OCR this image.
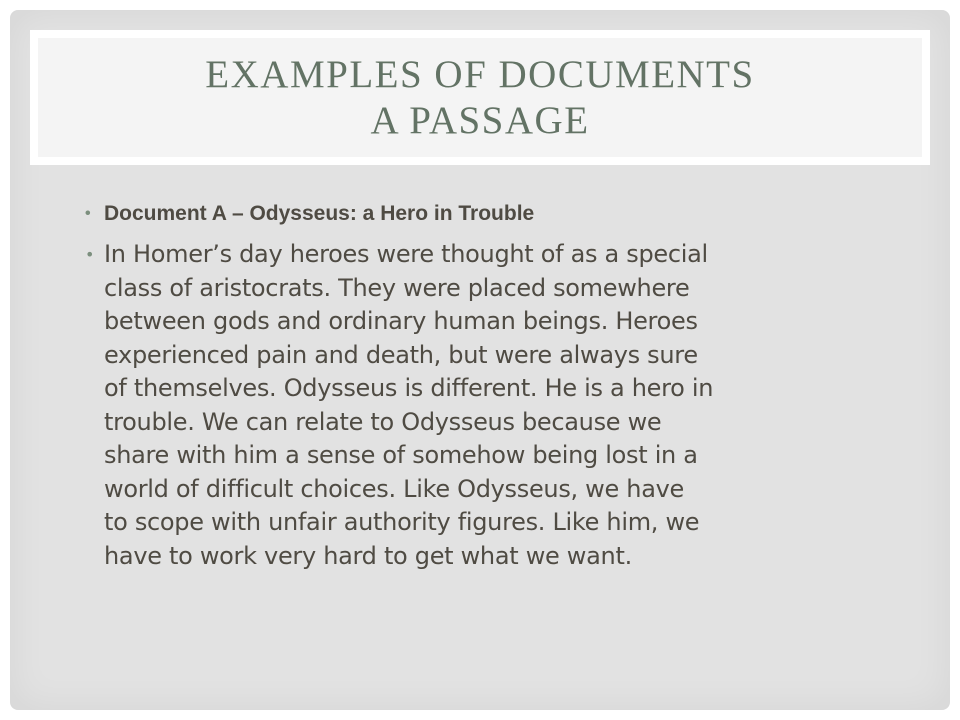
EXAMPLES OF DOCUMENTS
A PASSAGE
• Document A – Odysseus: a Hero in Trouble
• In Homer’s day heroes were thought of as a special
class of aristocrats. They were placed somewhere
between gods and ordinary human beings. Heroes
experienced pain and death, but were always sure
of themselves. Odysseus is different. He is a hero in
trouble. We can relate to Odysseus because we
share with him a sense of somehow being lost in a
world of difficult choices. Like Odysseus, we have
to scope with unfair authority figures. Like him, we
have to work very hard to get what we want.
